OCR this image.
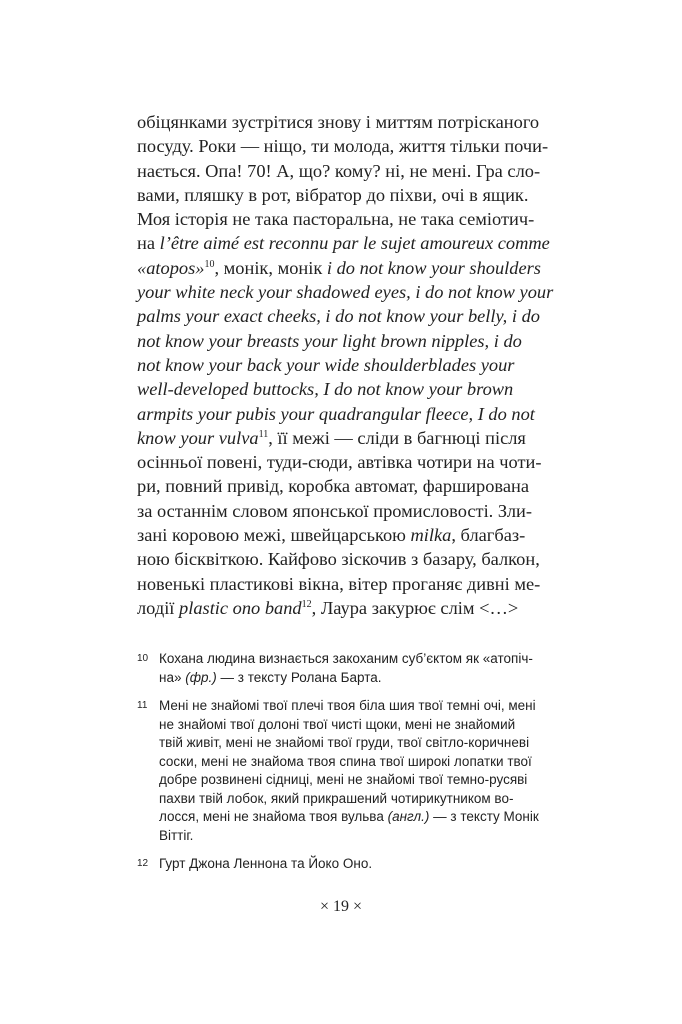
обіцянками зустрітися знову і миттям потрісканого
посуду. Роки — ніщо, ти молода, життя тільки почи-
нається. Опа! 70! А, що? кому? ні, не мені. Гра сло-
вами, пляшку в рот, вібратор до піхви, очі в ящик.
Моя історія не така пасторальна, не така семіотич-
на l’être aimé est reconnu par le sujet amoureux comme
«atopos»$^{10}$, монік, монік i do not know your shoulders
your white neck your shadowed eyes, i do not know your
palms your exact cheeks, i do not know your belly, i do
not know your breasts your light brown nipples, i do
not know your back your wide shoulderblades your
well-developed buttocks, I do not know your brown
armpits your pubis your quadrangular fleece, I do not
know your vulva$^{11}$, її межі — сліди в багнюці після
осінньої повені, туди-сюди, автівка чотири на чоти-
ри, повний привід, коробка автомат, фарширована
за останнім словом японської промисловості. Зли-
зані коровою межі, швейцарською milka, благбаз-
ною бісквіткою. Кайфово зіскочив з базару, балкон,
новенькі пластикові вікна, вітер проганяє дивні ме-
лодії plastic ono band$^{12}$, Лаура закурює слім <…>
10 Кохана людина визнається закоханим суб’єктом як «атопіч-
на» (фр.) — з тексту Ролана Барта.
11 Мені не знайомі твої плечі твоя біла шия твої темні очі, мені
не знайомі твої долоні твої чисті щоки, мені не знайомий
твій живіт, мені не знайомі твої груди, твої світло-коричневі
соски, мені не знайома твоя спина твої широкі лопатки твої
добре розвинені сідниці, мені не знайомі твої темно-русяві
пахви твій лобок, який прикрашений чотирикутником во-
лосся, мені не знайома твоя вульва (англ.) — з тексту Монік
Віттіг.
12 Гурт Джона Леннона та Йоко Оно.
× 19 ×
